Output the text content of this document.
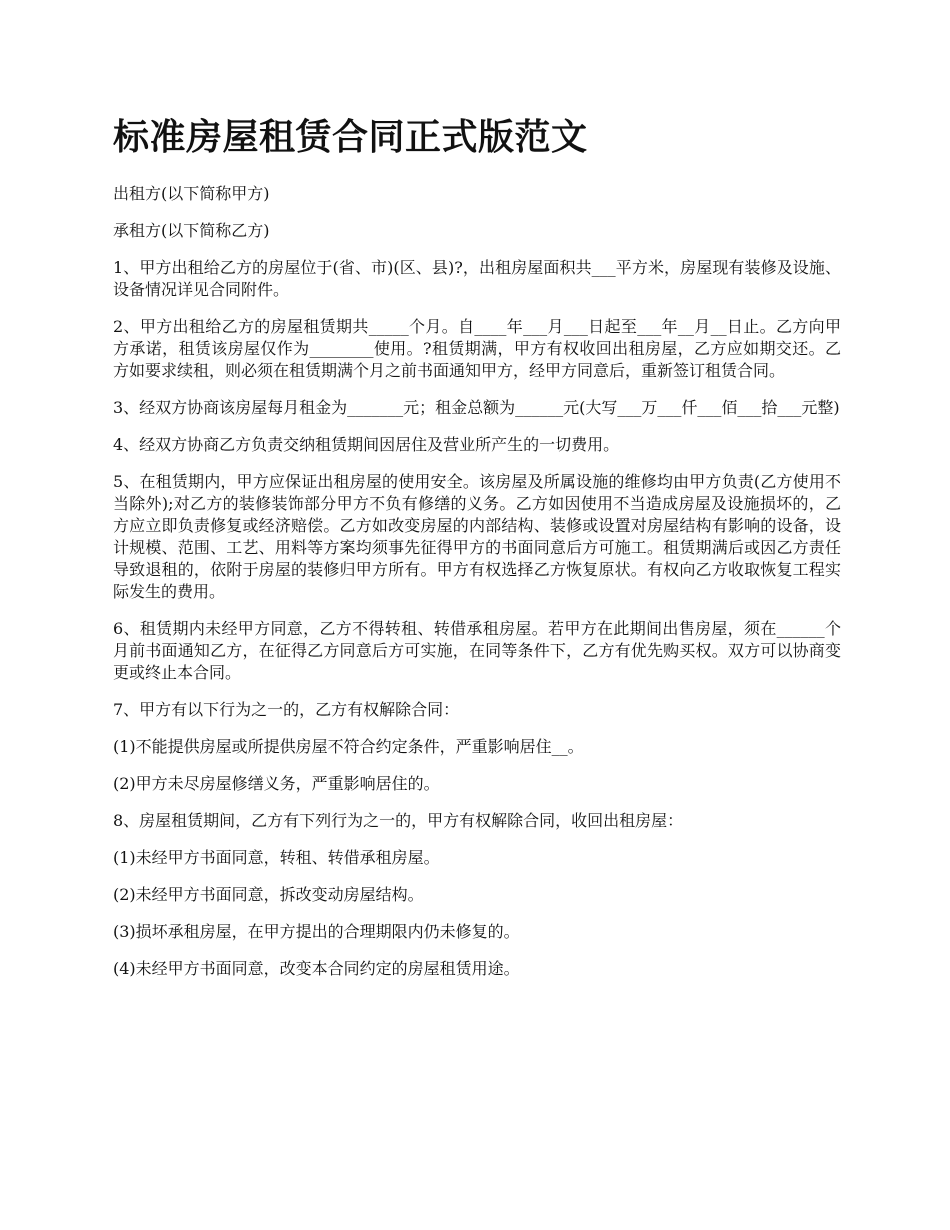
标准房屋租赁合同正式版范文

出租方(以下简称甲方)

承租方(以下简称乙方)

1、甲方出租给乙方的房屋位于(省、市)(区、县)?，出租房屋面积共___平方米，房屋现有装修及设施、设备情况详见合同附件。

2、甲方出租给乙方的房屋租赁期共_____个月。自____年___月___日起至___年__月__日止。乙方向甲方承诺，租赁该房屋仅作为________使用。?租赁期满，甲方有权收回出租房屋，乙方应如期交还。乙方如要求续租，则必须在租赁期满个月之前书面通知甲方，经甲方同意后，重新签订租赁合同。

3、经双方协商该房屋每月租金为_______元；租金总额为______元(大写___万___仟___佰___拾___元整)

4、经双方协商乙方负责交纳租赁期间因居住及营业所产生的一切费用。

5、在租赁期内，甲方应保证出租房屋的使用安全。该房屋及所属设施的维修均由甲方负责(乙方使用不当除外);对乙方的装修装饰部分甲方不负有修缮的义务。乙方如因使用不当造成房屋及设施损坏的，乙方应立即负责修复或经济赔偿。乙方如改变房屋的内部结构、装修或设置对房屋结构有影响的设备，设计规模、范围、工艺、用料等方案均须事先征得甲方的书面同意后方可施工。租赁期满后或因乙方责任导致退租的，依附于房屋的装修归甲方所有。甲方有权选择乙方恢复原状。有权向乙方收取恢复工程实际发生的费用。

6、租赁期内未经甲方同意，乙方不得转租、转借承租房屋。若甲方在此期间出售房屋，须在______个月前书面通知乙方，在征得乙方同意后方可实施，在同等条件下，乙方有优先购买权。双方可以协商变更或终止本合同。

7、甲方有以下行为之一的，乙方有权解除合同：

(1)不能提供房屋或所提供房屋不符合约定条件，严重影响居住__。

(2)甲方未尽房屋修缮义务，严重影响居住的。

8、房屋租赁期间，乙方有下列行为之一的，甲方有权解除合同，收回出租房屋：

(1)未经甲方书面同意，转租、转借承租房屋。

(2)未经甲方书面同意，拆改变动房屋结构。

(3)损坏承租房屋，在甲方提出的合理期限内仍未修复的。

(4)未经甲方书面同意，改变本合同约定的房屋租赁用途。
